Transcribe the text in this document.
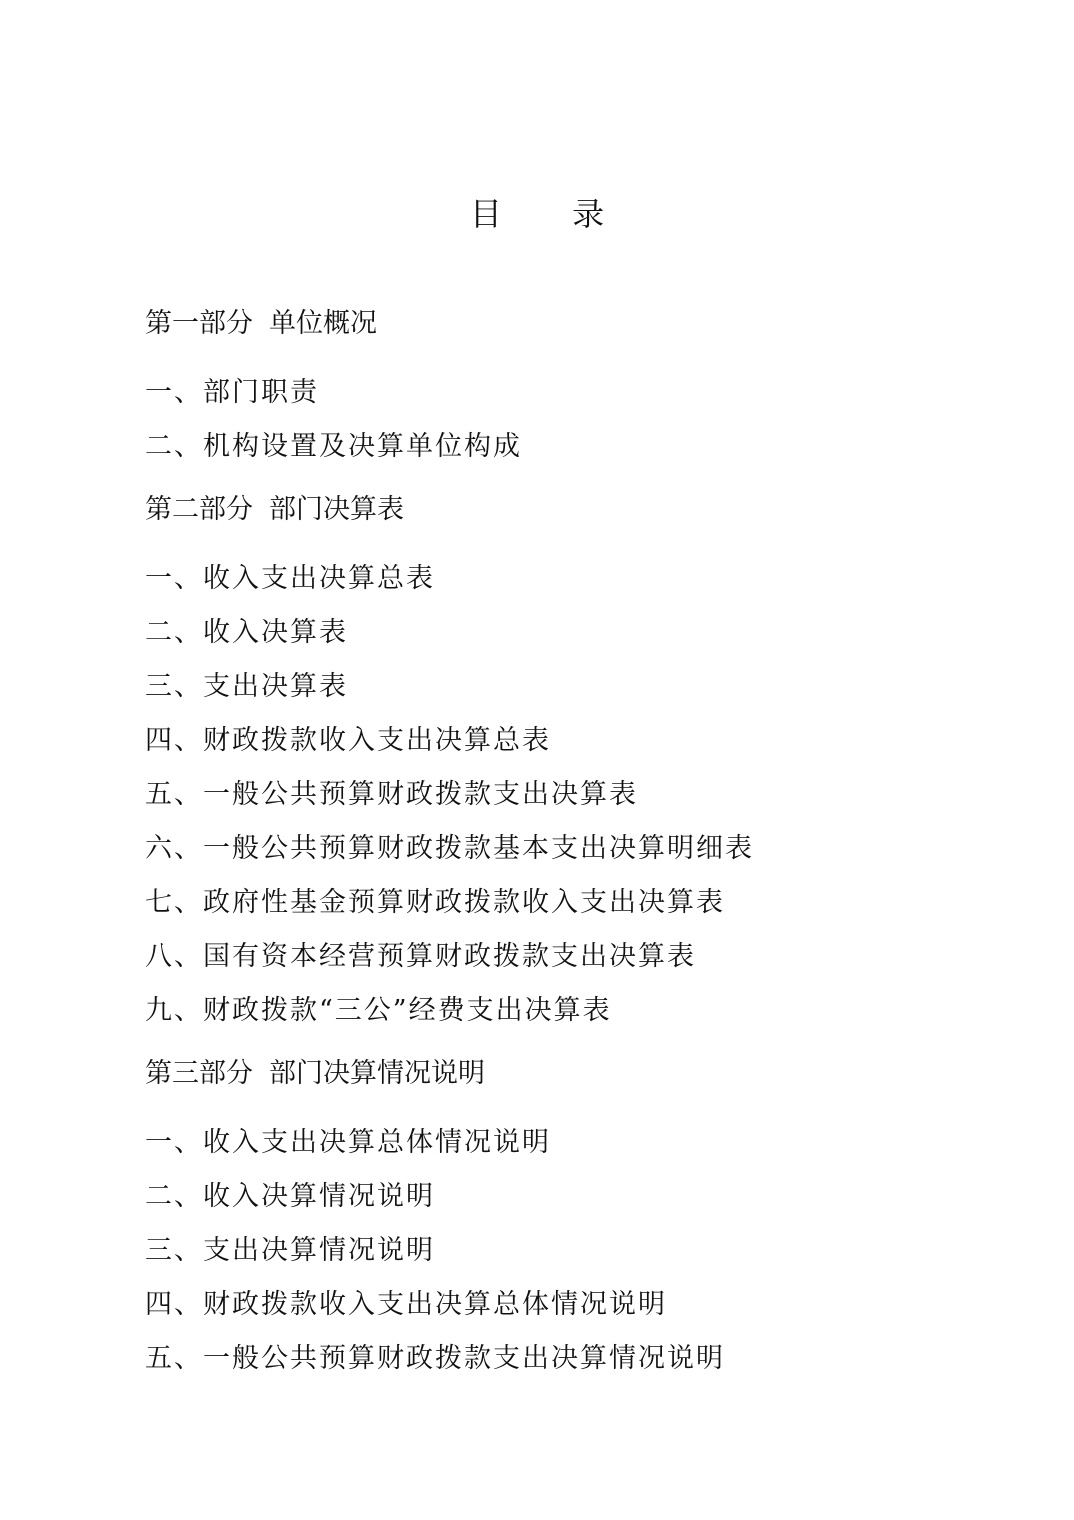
目 录
第一部分 单位概况
一、部门职责
二、机构设置及决算单位构成
第二部分 部门决算表
一、收入支出决算总表
二、收入决算表
三、支出决算表
四、财政拨款收入支出决算总表
五、一般公共预算财政拨款支出决算表
六、一般公共预算财政拨款基本支出决算明细表
七、政府性基金预算财政拨款收入支出决算表
八、国有资本经营预算财政拨款支出决算表
九、财政拨款“三公”经费支出决算表
第三部分 部门决算情况说明
一、收入支出决算总体情况说明
二、收入决算情况说明
三、支出决算情况说明
四、财政拨款收入支出决算总体情况说明
五、一般公共预算财政拨款支出决算情况说明
